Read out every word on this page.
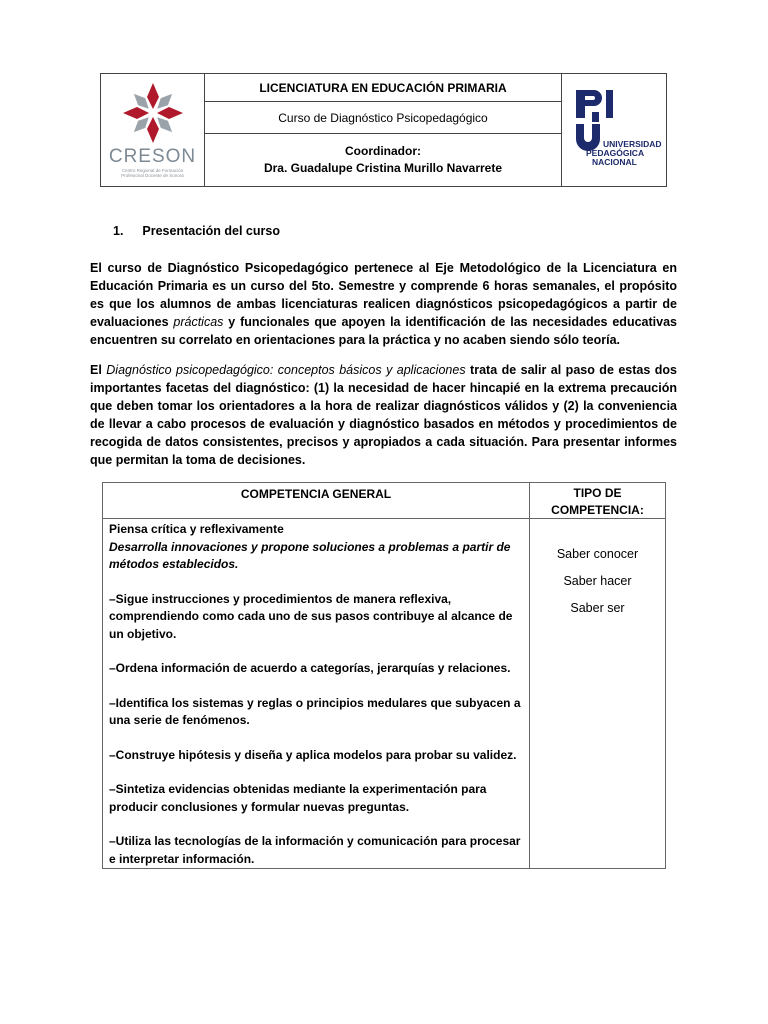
CRESON
Centro Regional de Formación Profesional Docente de Sonora
LICENCIATURA EN EDUCACIÓN PRIMARIA
Curso de Diagnóstico Psicopedagógico
Coordinador:
Dra. Guadalupe Cristina Murillo Navarrete
UNIVERSIDAD
PEDAGÓGICA
NACIONAL
1. Presentación del curso
El curso de Diagnóstico Psicopedagógico pertenece al Eje Metodológico de la Licenciatura en Educación Primaria es un curso del 5to. Semestre y comprende 6 horas semanales, el propósito es que los alumnos de ambas licenciaturas realicen diagnósticos psicopedagógicos a partir de evaluaciones prácticas y funcionales que apoyen la identificación de las necesidades educativas encuentren su correlato en orientaciones para la práctica y no acaben siendo sólo teoría.
El Diagnóstico psicopedagógico: conceptos básicos y aplicaciones trata de salir al paso de estas dos importantes facetas del diagnóstico: (1) la necesidad de hacer hincapié en la extrema precaución que deben tomar los orientadores a la hora de realizar diagnósticos válidos y (2) la conveniencia de llevar a cabo procesos de evaluación y diagnóstico basados en métodos y procedimientos de recogida de datos consistentes, precisos y apropiados a cada situación. Para presentar informes que permitan la toma de decisiones.
COMPETENCIA GENERAL	TIPO DE
COMPETENCIA:
Piensa crítica y reflexivamente
Desarrolla innovaciones y propone soluciones a problemas a partir de métodos establecidos.

–Sigue instrucciones y procedimientos de manera reflexiva, comprendiendo como cada uno de sus pasos contribuye al alcance de un objetivo.

–Ordena información de acuerdo a categorías, jerarquías y relaciones.

–Identifica los sistemas y reglas o principios medulares que subyacen a una serie de fenómenos.

–Construye hipótesis y diseña y aplica modelos para probar su validez.

–Sintetiza evidencias obtenidas mediante la experimentación para producir conclusiones y formular nuevas preguntas.

–Utiliza las tecnologías de la información y comunicación para procesar e interpretar información.

Saber conocer
Saber hacer
Saber ser
